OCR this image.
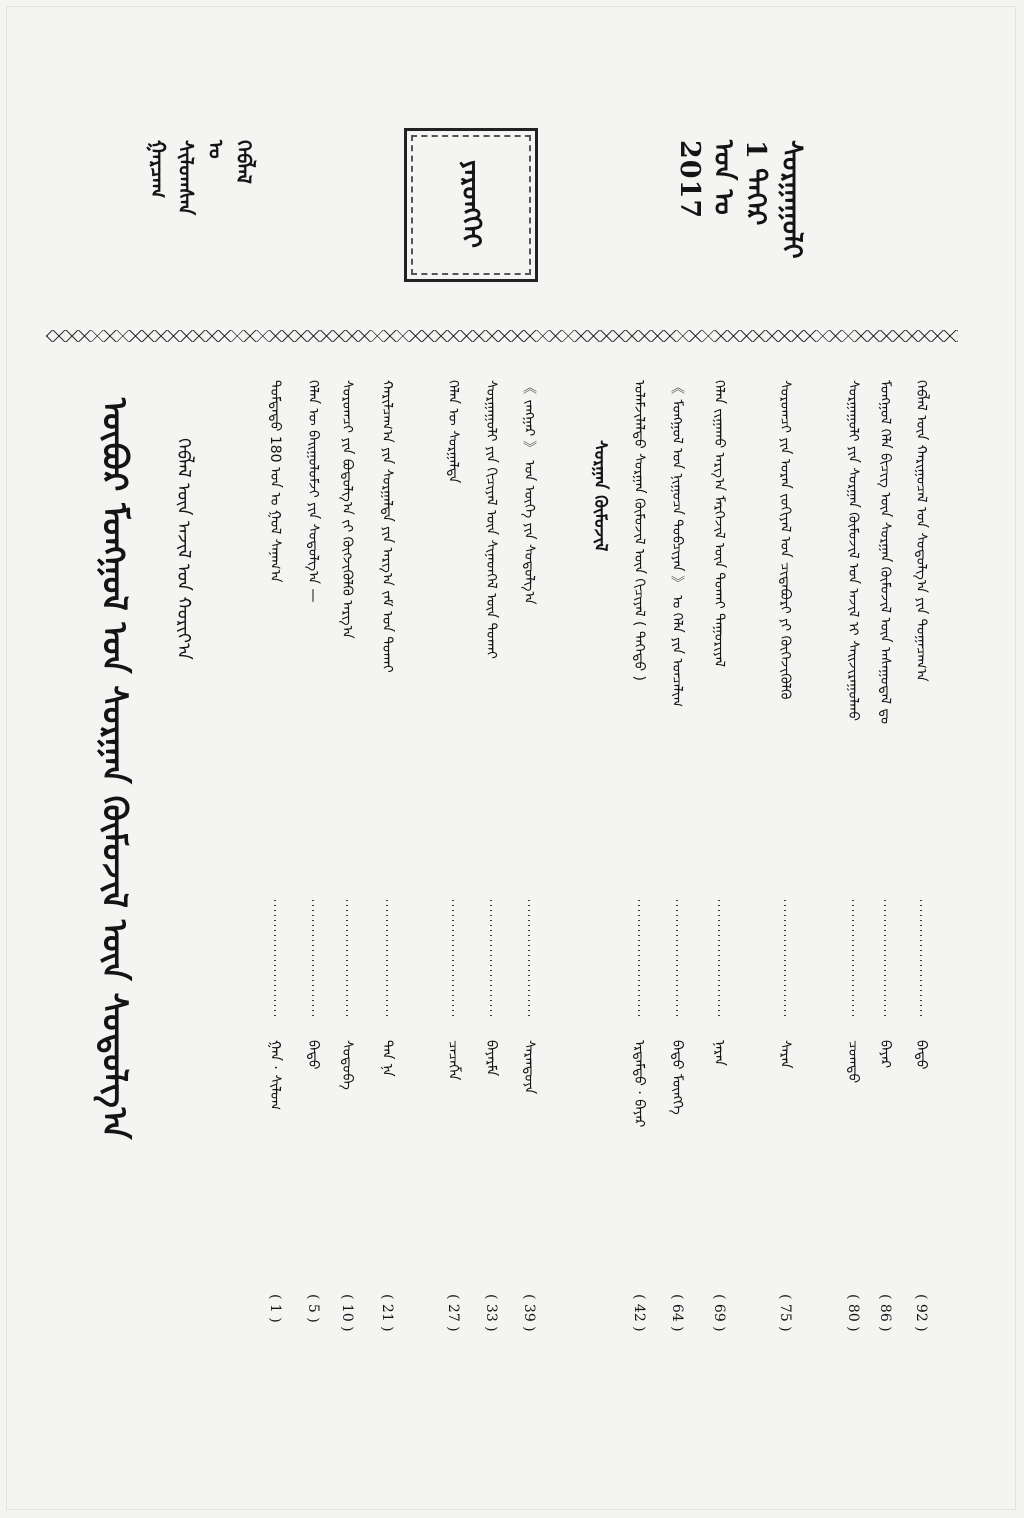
ᠰᠤᠷᠭᠠᠭᠤᠯᠢ
1 ᠳᠡᠭᠡᠷ
ᠤᠨ ᠤ
2017
ᠶᠡᠷᠦᠩᠬᠡᠢ
ᠬᠡᠪᠯᠡᠯ
ᠤ
ᠰᠢᠯᠤᠭᠰᠠᠨ
ᠭᠠᠷᠴᠠᠭ
ᠬᠡᠪᠯᠡᠯ ᠦᠨ ᠬᠠᠷᠢᠭᠤᠴᠠᠯ ᠤᠨ ᠰᠤᠳᠤᠯᠭ᠎ᠠ ᠶᠢᠨ ᠲᠣᠭᠠᠴᠠᠭ᠎ᠠ
ᠪᠠᠲᠤ
( 92 )
ᠮᠣᠩᠭᠣᠯ ᠬᠡᠯᠡ ᠪᠢᠴᠢᠭ ᠦᠨ ᠰᠤᠷᠭᠠᠨ ᠬᠦᠮᠦᠵᠢᠯ ᠦᠨ ᠠᠰᠠᠭᠤᠳᠠᠯ ᠳᠤ
ᠪᠠᠶᠠᠷ
( 86 )
ᠰᠤᠷᠭᠠᠭᠤᠯᠢ ᠶᠢᠨ ᠰᠤᠷᠭᠠᠨ ᠬᠦᠮᠦᠵᠢᠯ ᠤᠨ ᠠᠵᠢᠯ ᠢ ᠰᠠᠢᠵᠢᠷᠠᠭᠤᠯᠬᠤ
ᠴᠣᠭᠲᠤ
( 80 )
ᠰᠤᠷᠤᠭᠴᠢ ᠶᠢᠨ ᠤᠷᠠᠨ ᠵᠣᠬᠢᠶᠠᠯ ᠤᠨ ᠴᠢᠳᠠᠪᠤᠷᠢ ᠶᠢ ᠬᠥᠬᠡᠵᠢᠭᠦᠯᠬᠦ
ᠰᠠᠷᠠᠨ
( 75 )
ᠬᠡᠯᠡᠨ ᠵᠢᠭᠠᠬᠤ ᠠᠷᠭ᠎ᠠ ᠮᠡᠷᠭᠡᠵᠢᠯ ᠦᠨ ᠲᠤᠬᠠᠢ ᠳᠠᠭᠤᠷᠢᠶᠠᠯ
ᠨᠠᠷᠠᠨ
( 69 )
《 ᠮᠣᠩᠭᠣᠯ ᠤᠨ ᠨᠢᠭᠤᠴᠠ ᠲᠣᠪᠴᠢᠶᠠᠨ 》 ᠤ ᠬᠡᠯᠡ ᠶᠢᠨ ᠤᠨᠴᠠᠯᠢᠭ
ᠪᠠᠲᠤ ᠮᠥᠩᠬᠡ
( 64 )
ᠤᠯᠠᠮᠵᠢᠯᠠᠯᠳᠤ ᠰᠤᠷᠭᠠᠨ ᠬᠦᠮᠦᠵᠢᠯ ᠦᠨ ᠬᠢᠴᠢᠶᠡᠯ ( ᠳᠡᠭᠡᠳᠦ )
ᠡᠷᠳᠡᠮᠲᠦ · ᠪᠠᠶᠠᠷ
( 42 )
《 ᠵᠠᠩᠭᠠᠷ 》 ᠤᠨ ᠦᠭᠡ ᠶᠢᠨ ᠰᠤᠳᠤᠯᠭ᠎ᠠ
ᠰᠠᠷᠠᠨᠲᠤᠶᠠ
( 39 )
ᠰᠤᠷᠭᠠᠭᠤᠯᠢ ᠶᠢᠨ ᠬᠢᠴᠢᠶᠡᠯ ᠦᠨ ᠰᠢᠨᠡᠳᠭᠡᠯ ᠦᠨ ᠲᠤᠬᠠᠢ
ᠪᠠᠶᠠᠷᠮᠠ
( 33 )
ᠬᠡᠯᠡᠨ ᠦ ᠰᠤᠷᠭᠠᠯᠲᠠ
ᠴᠡᠴᠡᠭᠮᠠ
( 27 )
ᠬᠠᠷᠢᠯᠴᠠᠭ᠎ᠠ ᠶᠢᠨ ᠰᠤᠷᠭᠠᠯᠲᠠ ᠶᠢᠨ ᠠᠷᠭ᠎ᠠ ᠵᠠᠮ ᠤᠨ ᠲᠤᠬᠠᠢ
ᠲᠠᠨ ᠨᠠ
( 21 )
ᠰᠤᠷᠤᠭᠴᠢ ᠶᠢᠨ ᠪᠣᠳᠣᠯᠭ᠎ᠠ ᠵᠢ ᠬᠥᠭᠵᠢᠭᠦᠯᠬᠦ ᠠᠷᠭ᠎ᠠ
ᠰᠤᠳᠤᠪᠠ
( 10 )
ᠬᠡᠯᠡᠨ ᠦ ᠪᠠᠢᠭᠤᠯᠤᠮᠵᠢ ᠶᠢᠨ ᠰᠤᠳᠤᠯᠭ᠎ᠠ —
ᠪᠠᠲᠤ
( 5 )
ᠳᠤᠮᠳᠠᠳᠤ 180 ᠤᠨ ᠤ ᠭᠤᠯ ᠰᠠᠨᠠᠭ᠎ᠠ
ᠭᠠᠨ · ᠰᠢᠯᠤᠭ
( 1 )
ᠰᠤᠷᠭᠠᠨ ᠬᠦᠮᠦᠵᠢᠯ
ᠬᠡᠪᠯᠡᠯ ᠦᠨ ᠠᠵᠢᠯ ᠤᠨ ᠬᠣᠷᠢᠶ᠎ᠠ
ᠥᠪᠥᠷ ᠮᠣᠩᠭᠣᠯ ᠤᠨ ᠰᠤᠷᠭᠠᠨ ᠬᠦᠮᠦᠵᠢᠯ ᠦᠨ ᠰᠤᠳᠤᠯᠭ᠎ᠠ
